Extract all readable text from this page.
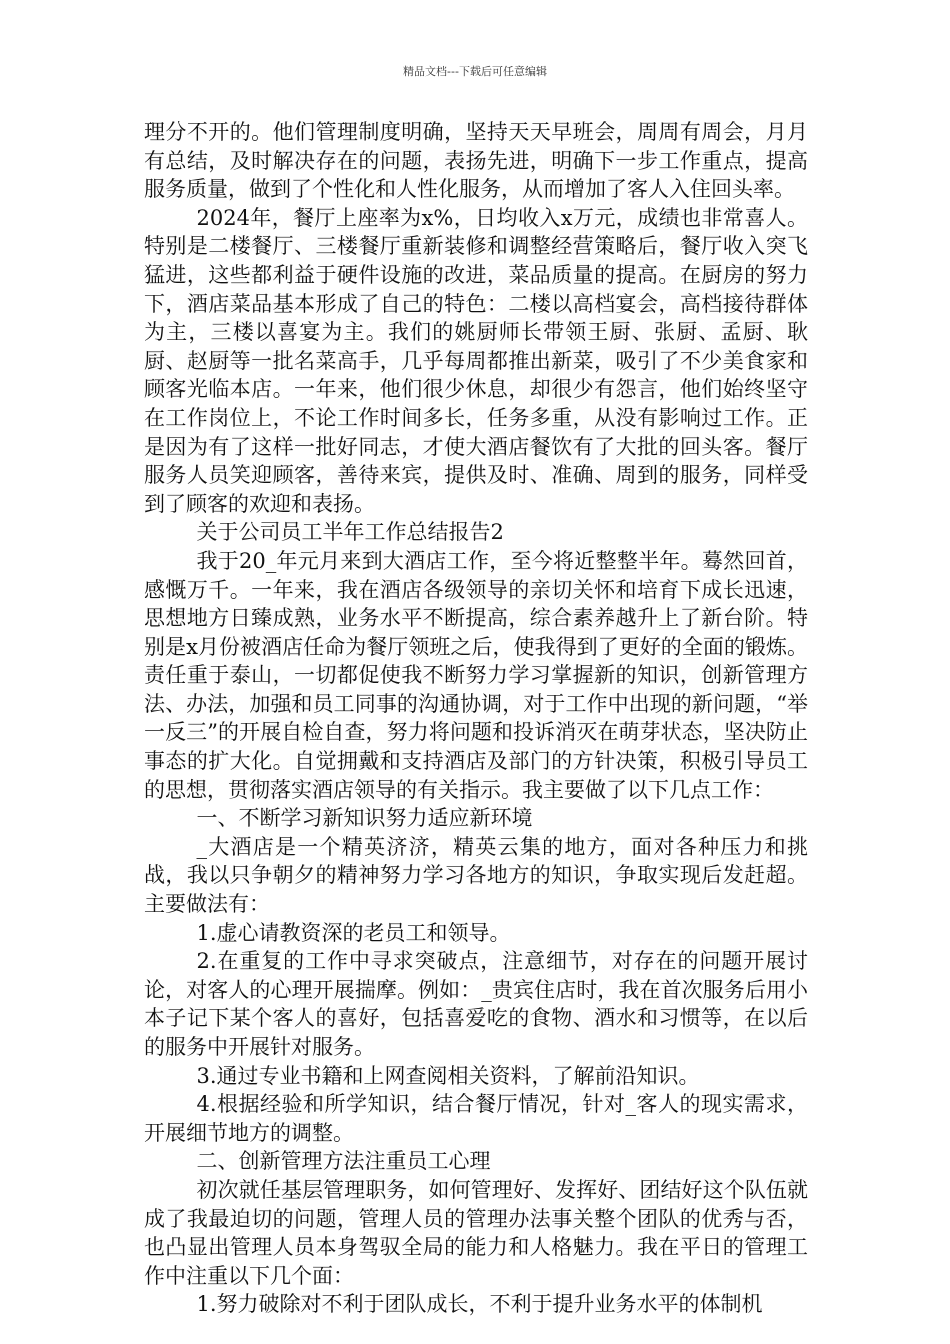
精品文档---下载后可任意编辑

理分不开的。他们管理制度明确，坚持天天早班会，周周有周会，月月有总结，及时解决存在的问题，表扬先进，明确下一步工作重点，提高服务质量，做到了个性化和人性化服务，从而增加了客人入住回头率。

2024年，餐厅上座率为x%，日均收入x万元，成绩也非常喜人。特别是二楼餐厅、三楼餐厅重新装修和调整经营策略后，餐厅收入突飞猛进，这些都利益于硬件设施的改进，菜品质量的提高。在厨房的努力下，酒店菜品基本形成了自己的特色：二楼以高档宴会，高档接待群体为主，三楼以喜宴为主。我们的姚厨师长带领王厨、张厨、孟厨、耿厨、赵厨等一批名菜高手，几乎每周都推出新菜，吸引了不少美食家和顾客光临本店。一年来，他们很少休息，却很少有怨言，他们始终坚守在工作岗位上，不论工作时间多长，任务多重，从没有影响过工作。正是因为有了这样一批好同志，才使大酒店餐饮有了大批的回头客。餐厅服务人员笑迎顾客，善待来宾，提供及时、准确、周到的服务，同样受到了顾客的欢迎和表扬。

关于公司员工半年工作总结报告2

我于20_年元月来到大酒店工作，至今将近整整半年。蓦然回首，感慨万千。一年来，我在酒店各级领导的亲切关怀和培育下成长迅速，思想地方日臻成熟，业务水平不断提高，综合素养越升上了新台阶。特别是x月份被酒店任命为餐厅领班之后，使我得到了更好的全面的锻炼。责任重于泰山，一切都促使我不断努力学习掌握新的知识，创新管理方法、办法，加强和员工同事的沟通协调，对于工作中出现的新问题，“举一反三”的开展自检自查，努力将问题和投诉消灭在萌芽状态，坚决防止事态的扩大化。自觉拥戴和支持酒店及部门的方针决策，积极引导员工的思想，贯彻落实酒店领导的有关指示。我主要做了以下几点工作：

一、不断学习新知识努力适应新环境

_大酒店是一个精英济济，精英云集的地方，面对各种压力和挑战，我以只争朝夕的精神努力学习各地方的知识，争取实现后发赶超。主要做法有：

1.虚心请教资深的老员工和领导。

2.在重复的工作中寻求突破点，注意细节，对存在的问题开展讨论，对客人的心理开展揣摩。例如：_贵宾住店时，我在首次服务后用小本子记下某个客人的喜好，包括喜爱吃的食物、酒水和习惯等，在以后的服务中开展针对服务。

3.通过专业书籍和上网查阅相关资料，了解前沿知识。

4.根据经验和所学知识，结合餐厅情况，针对_客人的现实需求，开展细节地方的调整。

二、创新管理方法注重员工心理

初次就任基层管理职务，如何管理好、发挥好、团结好这个队伍就成了我最迫切的问题，管理人员的管理办法事关整个团队的优秀与否，也凸显出管理人员本身驾驭全局的能力和人格魅力。我在平日的管理工作中注重以下几个面：

1.努力破除对不利于团队成长，不利于提升业务水平的体制机
